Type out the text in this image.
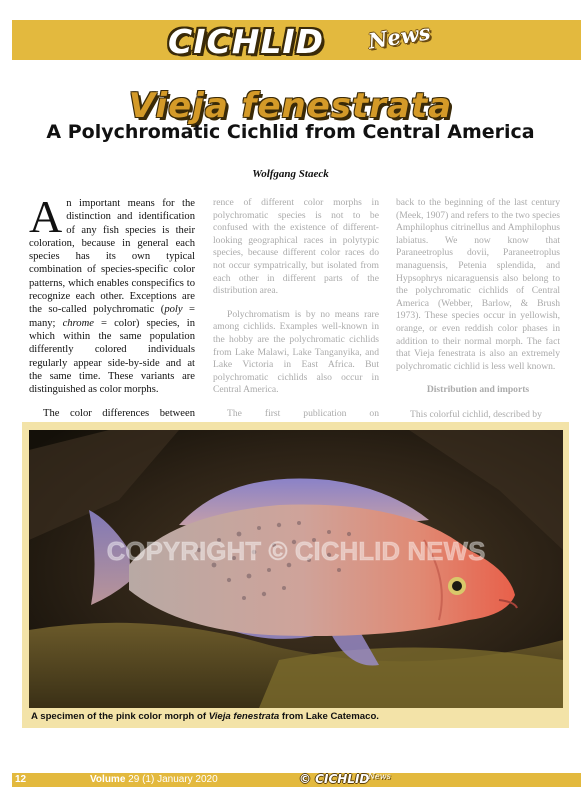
CICHLID News
Vieja fenestrata
A Polychromatic Cichlid from Central America
Wolfgang Staeck

An important means for the distinction and identification of any fish species is their coloration, because in general each species has its own typical combination of species-specific color patterns, which enables conspecifics to recognize each other. Exceptions are the so-called polychromatic (poly = many; chrome = color) species, in which within the same population differently colored individuals regularly appear side-by-side and at the same time. These variants are distinguished as color morphs.

The color differences between

rence of different color morphs in polychromatic species is not to be confused with the existence of different-looking geographical races in polytypic species, because different color races do not occur sympatrically, but isolated from each other in different parts of the distribution area.

Polychromatism is by no means rare among cichlids. Examples well-known in the hobby are the polychromatic cichlids from Lake Malawi, Lake Tanganyika, and Lake Victoria in East Africa. But polychromatic cichlids also occur in Central America.

The first publication on

back to the beginning of the last century (Meek, 1907) and refers to the two species Amphilophus citrinellus and Amphilophus labiatus. We now know that Paraneetroplus dovii, Paraneetroplus managuensis, Petenia splendida, and Hypsophrys nicaraguensis also belong to the polychromatic cichlids of Central America (Webber, Barlow, & Brush 1973). These species occur in yellowish, orange, or even reddish color phases in addition to their normal morph. The fact that Vieja fenestrata is also an extremely polychromatic cichlid is less well known.

Distribution and imports

This colorful cichlid, described by

COPYRIGHT © CICHLID NEWS
A specimen of the pink color morph of Vieja fenestrata from Lake Catemaco.
12	Volume 29 (1) January 2020	© CICHLID
News
